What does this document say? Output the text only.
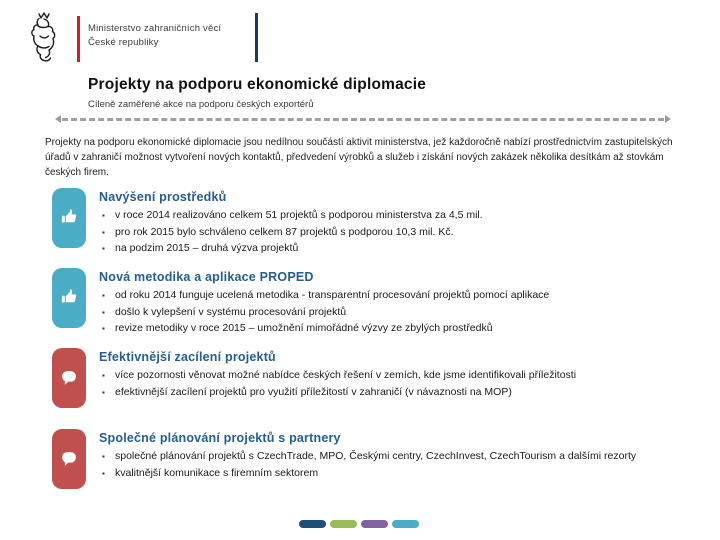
Ministerstvo zahraničních věcí
České republiky
Projekty na podporu ekonomické diplomacie
Cíleně zaměřené akce na podporu českých exportérů
Projekty na podporu ekonomické diplomacie jsou nedílnou součástí aktivit ministerstva, jež každoročně nabízí prostřednictvím zastupitelských úřadů v zahraničí možnost vytvoření nových kontaktů, předvedení výrobků a služeb i získání nových zakázek několika desítkám až stovkám českých firem.
Navýšení prostředků
▪ v roce 2014 realizováno celkem 51 projektů s podporou ministerstva za 4,5 mil.
▪ pro rok 2015 bylo schváleno celkem 87 projektů s podporou 10,3 mil. Kč.
▪ na podzim 2015 – druhá výzva projektů
Nová metodika a aplikace PROPED
▪ od roku 2014 funguje ucelená metodika - transparentní procesování projektů pomocí aplikace
▪ došlo k vylepšení v systému procesování projektů
▪ revize metodiky v roce 2015 – umožnění mimořádné výzvy ze zbylých prostředků
Efektivnější zacílení projektů
▪ více pozornosti věnovat možné nabídce českých řešení v zemích, kde jsme identifikovali příležitosti
▪ efektivnější zacílení projektů pro využití příležitostí v zahraničí (v návaznosti na MOP)
Společné plánování projektů s partnery
▪ společné plánování projektů s CzechTrade, MPO, Českými centry, CzechInvest, CzechTourism a dalšími rezorty
▪ kvalitnější komunikace s firemním sektorem
